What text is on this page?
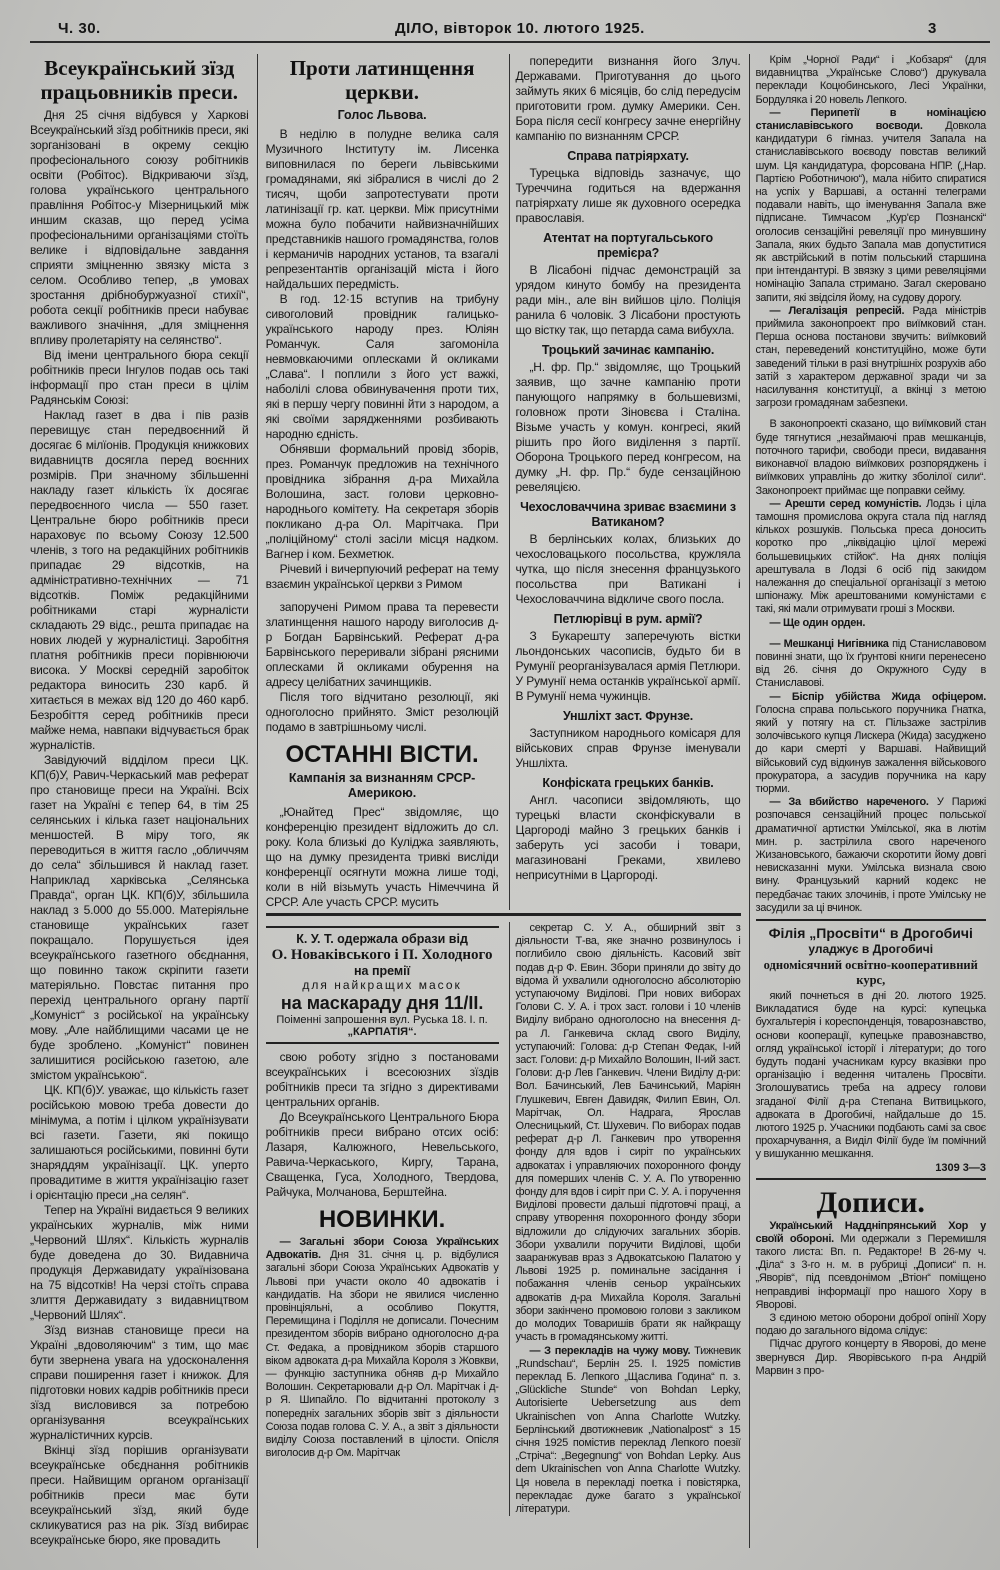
Ч. 30.	ДІЛО, вівторок 10. лютого 1925.	3
Всеукраїнський зїзд працьовників преси.

Дня 25 січня відбувся у Харкові Всеукраїнський зїзд робітників преси, які зорганізовані в окрему секцію професіонального союзу робітників освіти (Робітос). Відкриваючи зїзд, голова українського центрального правління Робітос-у Мізерницький між иншим сказав, що перед усіма професіональними організаціями стоїть велике і відповідальне завдання сприяти зміцненню звязку міста з селом. Особливо тепер, „в умовах зростання дрібнобуржуазної стихії“, робота секції робітників преси набуває важливого значіння, „для зміцнення впливу пролетаріяту на селянство“.

Від імени центрального бюра секції робітників преси Інгулов подав ось такі інформації про стан преси в цілім Радянськім Союзі:

Наклад газет в два і пів разів перевищує стан передвоєнний й досягає 6 мілїонів. Продукція книжкових видавництв досягла перед воєнних розмірів. При значному збільшенні накладу газет кількість їх досягає передвоєнного числа — 550 газет. Центральне бюро робітників преси нараховує по всьому Союзу 12.500 членів, з того на редакційних робітників припадає 29 відсотків, на адміністративно-технічних — 71 відсотків. Поміж редакційними робітниками старі журналісти складають 29 відс., решта припадає на нових людей у журналістиці. Заробітня платня робітників преси порівнюючи висока. У Москві середній заробіток редактора виносить 230 карб. й хитається в межах від 120 до 460 карб. Безробіття серед робітників преси майже нема, навпаки відчувається брак журналістів.

Завідуючий відділом преси ЦК. КП(б)У, Равич-Черкаський мав реферат про становище преси на Україні. Всіх газет на Україні є тепер 64, в тім 25 селянських і кілька газет національних меншостей. В міру того, як переводиться в життя гасло „обличчям до села“ збільшився й наклад газет. Наприклад харківська „Селянська Правда“, орган ЦК. КП(б)У, збільшила наклад з 5.000 до 55.000. Матеріяльне становище українських газет покращало. Порушується ідея всеукраїнського газетного обєднання, що повинно також скріпити газети матеріяльно. Повстає питання про перехід центрального органу партії „Комуніст“ з російської на українську мову. „Але найблищими часами це не буде зроблено. „Комуніст“ повинен залишитися російською газетою, але змістом українською“.

ЦК. КП(б)У. уважає, що кількість газет російською мовою треба довести до мінімума, а потім і цілком українізувати всі газети. Газети, які покищо залишаються російськими, повинні бути знаряддям українізації. ЦК. уперто провадитиме в життя українізацію газет і орієнтацію преси „на селян“.

Тепер на Україні видається 9 великих українських журналів, між ними „Червоний Шлях“. Кількість журналів буде доведена до 30. Видавнича продукція Державидату українізована на 75 відсотків! На черзі стоїть справа злиття Державидату з видавництвом „Червоний Шлях“.

Зїзд визнав становище преси на Україні „вдоволяючим“ з тим, що має бути звернена увага на удосконалення справи поширення газет і книжок. Для підготовки нових кадрів робітників преси зїзд висловився за потребою організування всеукраїнських журналістичних курсів.

Вкінці зїзд порішив організувати всеукраїнське обєднання робітників преси. Найвищим органом організації робітників преси має бути всеукраїнський зїзд, який буде скликуватися раз на рік. Зїзд вибирає всеукраїнське бюро, яке провадить

Проти латинщення церкви.
Голос Львова.

В неділю в полудне велика саля Музичного Інституту ім. Лисенка виповнилася по береги львівськими громадянами, які зібралися в числі до 2 тисяч, щоби запротестувати проти латинізації гр. кат. церкви. Між присутніми можна було побачити найвизначнійших представників нашого громадянства, голов і керманичів народних установ, та взагалі репрезентантів організацій міста і його найдальших передмість.

В год. 12·15 вступив на трибуну сивоголовий провідник галицько-українського народу през. Юліян Романчук. Саля загомоніла невмовкаючими оплесками й окликами „Слава“. І поплили з його уст важкі, наболілі слова обвинувачення проти тих, які в першу чергу повинні йти з народом, а які своїми зарядженнями розбивають народню єдність.

Обнявши формальний провід зборів, през. Романчук предложив на технічного провідника зібрання д-ра Михайла Волошина, заст. голови церковно-народнього комітету. На секретаря зборів покликано д-ра Ол. Марітчака. При „поліційному“ столі засіли місця надком. Вагнер і ком. Бехметюк.

Річевий і вичерпуючий реферат на тему взаємин української церкви з Римом

запоручені Римом права та перевести златинщення нашого народу виголосив д-р Богдан Барвінський. Реферат д-ра Барвінського переривали зібрані рясними оплесками й окликами обурення на адресу целібатних зачинщиків.

Після того відчитано резолюції, які одноголосно прийнято. Зміст резолюцій подамо в завтрішньому числі.

ОСТАННІ ВІСТИ.
Кампанія за визнанням СРСР-Америкою.

„Юнайтед Прес“ звідомляє, що конференцію президент відложить до сл. року. Кола близькі до Куліджа заявляють, що на думку президента тривкі висліди конференції осягнути можна лише тоді, коли в ній візьмуть участь Німеччина й СРСР. Але участь СРСР. мусить

попередити визнання його Злуч. Державами. Приготування до цього займуть яких 6 місяців, бо слід передусім приготовити гром. думку Америки. Сен. Бора після сесії конгресу зачне енергійну кампанію по визнанням СРСР.

Справа патріярхату.

Турецька відповідь зазначує, що Туреччина годиться на вдержання патріярхату лише як духовного осередка православія.

Атентат на португальського премієра?

В Лісабоні підчас демонстрацій за урядом кинуто бомбу на президента ради мін., але він вийшов ціло. Поліція ранила 6 чоловік. З Лісабони простують що вістку так, що петарда сама вибухла.

Троцький зачинає кампанію.

„Н. фр. Пр.“ звідомляє, що Троцький заявив, що зачне кампанію проти панующого напрямку в большевизмі, головнож проти Зіновєва і Сталіна. Візьме участь у комун. конгресі, який рішить про його виділення з партії. Оборона Троцького перед конгресом, на думку „Н. фр. Пр.“ буде сензаційною ревеляцією.

Чехословаччина зриває взаємини з Ватиканом?

В берлінських колах, близьких до чехословацького посольства, кружляла чутка, що після знесення французького посольства при Ватикані і Чехословаччина відкличе свого посла.

Петлюрівці в рум. армії?

З Букарешту заперечують вістки льондонських часописів, будьто би в Румунії реорганізувалася армія Петлюри. У Румунії нема останків української армії. В Румунії нема чужинців.

Уншліхт заст. Фрунзе.

Заступником народнього комісаря для військових справ Фрунзе іменували Уншліхта.

Конфіската грецьких банків.

Англ. часописи звідомляють, що турецькі власти сконфіскували в Царгороді майно 3 грецьких банків і заберуть усі засоби і товари, магазиновані Греками, хвилево неприсутніми в Царгороді.

К. У. Т. одержала образи від
О. Новаківського і П. Холодного
на премії
для найкращих масок
на маскараду дня 11/II.
Поіменні запрошення вул. Руська 18. І. п.
„КАРПАТІЯ“.

свою роботу згідно з постановами всеукраїнських і всесоюзних зїздів робітників преси та згідно з директивами центральних органів.

До Всеукраїнського Центрального Бюра робітників преси вибрано отсих осіб: Лазаря, Калюжного, Невельського, Равича-Черкаського, Киргу, Тарана, Сващенка, Гуса, Холодного, Твердова, Райчука, Молчанова, Берштейна.

НОВИНКИ.

— Загальні збори Союза Українських Адвокатів. Дня 31. січня ц. р. відбулися загальні збори Союза Українських Адвокатів у Львові при участи около 40 адвокатів і кандидатів. На збори не явилися численно провінціяльні, а особливо Покуття, Перемищина і Поділля не дописали. Почесним президентом зборів вибрано одноголосно д-ра Ст. Федака, а провідником зборів старшого віком адвоката д-ра Михайла Короля з Жовкви, — функцію заступника обняв д-р Михайло Волошин. Секретарювали д-р Ол. Марітчак і д-р Я. Шипайло. По відчитанні протоколу з попередніх загальних зборів звіт з діяльности Союза подав голова С. У. А., а звіт з діяльности виділу Союза поставлений в цілости. Опісля виголосив д-р Ом. Марітчак

секретар С. У. А., обширний звіт з діяльности Т-ва, яке значно розвинулось і поглибило свою діяльність. Касовий звіт подав д-р Ф. Евин. Збори приняли до звіту до відома й ухвалили одноголосно абсолюторію уступаючому Виділові. При нових виборах Голови С. У. А. і трох заст. голови і 10 членів Виділу вибрано одноголосно на внесення д-ра Л. Ганкевича склад свого Виділу, уступаючий: Голова: д-р Степан Федак, І-ий заст. Голови: д-р Михайло Волошин, ІІ-ий заст. Голови: д-р Лев Ганкевич. Члени Виділу д-ри: Вол. Бачинський, Лев Бачинський, Маріян Глушкевич, Евген Давидяк, Филип Евин, Ол. Марітчак, Ол. Надрага, Ярослав Олесницький, Ст. Шухевич. По виборах подав реферат д-р Л. Ганкевич про утворення фонду для вдов і сиріт по українських адвокатах і управляючих похоронного фонду для померших членів С. У. А. По утворенню фонду для вдов і сиріт при С. У. А. і поручення Виділові провести дальші підготовчі праці, а справу утворення похоронного фонду збори відложили до слідуючих загальних зборів. Збори ухвалили поручити Виділові, щоби зааранжував враз з Адвокатською Палатою у Львові 1925 р. поминальне засідання і побажання членів сеньор українських адвокатів д-ра Михайла Короля. Загальні збори закінчено промовою голови з закликом до молодих Товаришів брати як найкращу участь в громадянському житті.

— З перекладів на чужу мову. Тижневик „Rundschau“, Берлін 25. I. 1925 помістив переклад Б. Лепкого „Щаслива Година“ п. з. „Glückliche Stunde“ von Bohdan Lepky, Autorisierte Uebersetzung aus dem Ukrainischen von Anna Charlotte Wutzky. Берлінський двотижневик „Nationalpost“ з 15 січня 1925 помістив переклад Лепкого поезії „Стріча“: „Begegnung“ von Bohdan Lepky. Aus dem Ukrainischen von Anna Charlotte Wutzky. Ця новела в перекладі поетка і повістярка, перекладає дуже багато з української літератури.

Крім „Чорної Ради“ і „Кобзаря“ (для видавництва „Українське Слово“) друкувала переклади Коцюбинського, Лесі Українки, Бордуляка і 20 новель Лепкого.

— Перипетії в номінацією станиславівського воєводи. Довкола кандидатури 6 гімназ. учителя Запала на станиславівського воєводу повстав великий шум. Ця кандидатура, форсована НПР. („Нар. Партією Роботничою“), мала нібито спиратися на успіх у Варшаві, а останні телеграми подавали навіть, що іменування Запала вже підписане. Тимчасом „Кур'єр Познанскі“ оголосив сензаційні ревеляції про минувшину Запала, яких будьто Запала мав допуститися як австрійський в потім польський старшина при інтендантурі. В звязку з цими ревеляціями номінацію Запала стримано. Загал скеровано запити, які звідсіля йому, на судову дорогу.

— Легалізація репресій. Рада міністрів приймила законопроект про виїмковий стан. Перша основа постанови звучить: виїмковий стан, переведений конституційно, може бути заведений тільки в разі внутрішніх розрухів або затій з характером державної зради чи за насилування конституції, а вкінці з метою загрози громадянам забезпеки.

В законопроекті сказано, що виїмковий стан буде тягнутися „незаймаючі прав мешканців, поточного тарифи, свободи преси, видавання виконавчої владою виїмкових розпоряджень і виїмкових управлінь до житку зболілої сили“. Законопроект приймає ще поправки сейму.

— Арешти серед комуністів. Лодзь і ціла тамошня промислова округа стала під нагляд кількох розшуків. Польська преса доносить коротко про „ліквідацію цілої мережі большевицьких стійок“. На днях поліція арештувала в Лодзі 6 осіб під закидом належання до спеціальної організації з метою шпіонажу. Між арештованими комуністами є такі, які мали отримувати гроші з Москви.

— Ще один орден.

— Мешканці Нигівника під Станиславовом повинні знати, що їх ґрунтові книги перенесено від 26. січня до Окружного Суду в Станиславові.

— Біспір убійства Жида офіцером. Голосна справа польського поручника Гнатка, який у потягу на ст. Пільзаже застрілив золочівського купця Лискера (Жида) засуджено до кари смерті у Варшаві. Найвищий військовий суд відкинув зажалення військового прокуратора, а засудив поручника на кару тюрми.

— За вбийство нареченого. У Парижі розпочався сензаційний процес польської драматичної артистки Умілської, яка в лютім мин. р. застрілила свого нареченого Жизановського, бажаючи скоротити йому довгі невисказанні муки. Умілська визнала свою вину. Французький карний кодекс не передбачає таких злочинів, і проте Умілську не засудили за ці вчинок.

Філія „Просвіти“ в Дрогобичі
уладжує в Дрогобичі
одномісячний освітно-кооперативний курс,
який почнеться в дні 20. лютого 1925. Викладатися буде на курсі: купецька бухгальтерія і кореспонденція, товарознавство, основи кооперації, купецьке правознавство, огляд української історії і літератури; до того будуть подані учасникам курсу вказівки про організацію і ведення читалень Просвіти. Зголошуватись треба на адресу голови згаданої Філії д-ра Степана Витвицького, адвоката в Дрогобичі, найдальше до 15. лютого 1925 р. Учасники подбають самі за своє прохарчування, а Виділ Філії буде їм помічний у вишуканню мешкання.
1309 3—3
Дописи.

Український Наддніпрянський Хор у своїй обороні. Ми одержали з Перемишля такого листа: Вп. п. Редакторе! В 26-му ч. „Діла“ з 3-го н. м. в рубриці „Дописи“ п. н. „Яворів“, під псевдонімом „Втіон“ поміщено неправдиві інформації про нашого Хору в Яворові.

З єдиною метою оборони доброї опінії Хору подаю до загального відома слідує:

Підчас другого концерту в Яворові, до мене звернувся Дир. Яворівського п-ра Андрій Марвин з про-
